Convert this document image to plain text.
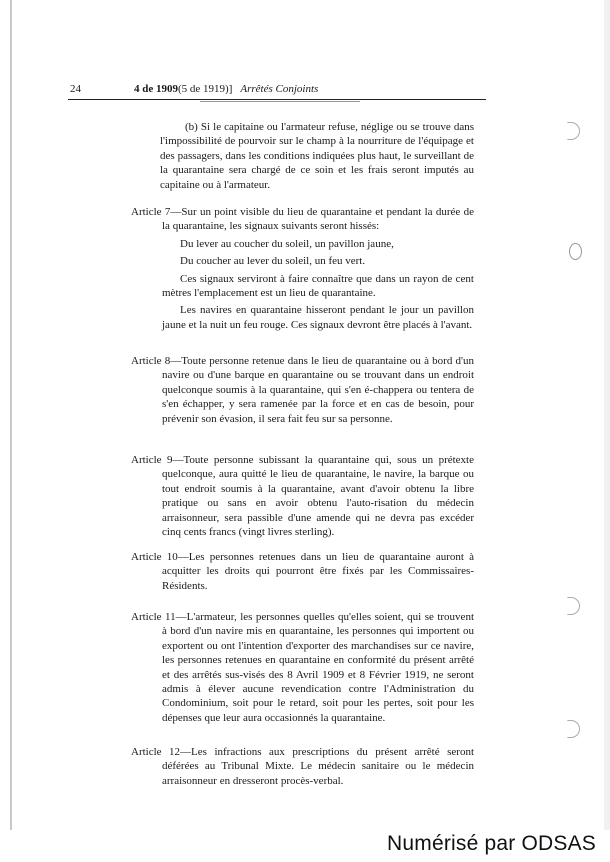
24	4 de 1909(5 de 1919)] Arrêtés Conjoints

(b) Si le capitaine ou l'armateur refuse, néglige ou se trouve dans l'impossibilité de pourvoir sur le champ à la nourriture de l'équipage et des passagers, dans les conditions indiquées plus haut, le surveillant de la quarantaine sera chargé de ce soin et les frais seront imputés au capitaine ou à l'armateur.

Article 7—Sur un point visible du lieu de quarantaine et pendant la durée de la quarantaine, les signaux suivants seront hissés:

Du lever au coucher du soleil, un pavillon jaune,

Du coucher au lever du soleil, un feu vert.

Ces signaux serviront à faire connaître que dans un rayon de cent mètres l'emplacement est un lieu de quarantaine.

Les navires en quarantaine hisseront pendant le jour un pavillon jaune et la nuit un feu rouge. Ces signaux devront être placés à l'avant.

Article 8—Toute personne retenue dans le lieu de quarantaine ou à bord d'un navire ou d'une barque en quarantaine ou se trouvant dans un endroit quelconque soumis à la quarantaine, qui s'en é-chappera ou tentera de s'en échapper, y sera ramenée par la force et en cas de besoin, pour prévenir son évasion, il sera fait feu sur sa personne.

Article 9—Toute personne subissant la quarantaine qui, sous un prétexte quelconque, aura quitté le lieu de quarantaine, le navire, la barque ou tout endroit soumis à la quarantaine, avant d'avoir obtenu la libre pratique ou sans en avoir obtenu l'auto-risation du médecin arraisonneur, sera passible d'une amende qui ne devra pas excéder cinq cents francs (vingt livres sterling).

Article 10—Les personnes retenues dans un lieu de quarantaine auront à acquitter les droits qui pourront être fixés par les Commissaires-Résidents.

Article 11—L'armateur, les personnes quelles qu'elles soient, qui se trouvent à bord d'un navire mis en quarantaine, les personnes qui importent ou exportent ou ont l'intention d'exporter des marchandises sur ce navire, les personnes retenues en quarantaine en conformité du présent arrêté et des arrêtés sus-visés des 8 Avril 1909 et 8 Février 1919, ne seront admis à élever aucune revendication contre l'Administration du Condominium, soit pour le retard, soit pour les pertes, soit pour les dépenses que leur aura occasionnés la quarantaine.

Article 12—Les infractions aux prescriptions du présent arrêté seront déférées au Tribunal Mixte. Le médecin sanitaire ou le médecin arraisonneur en dresseront procès-verbal.

Numérisé par ODSAS
